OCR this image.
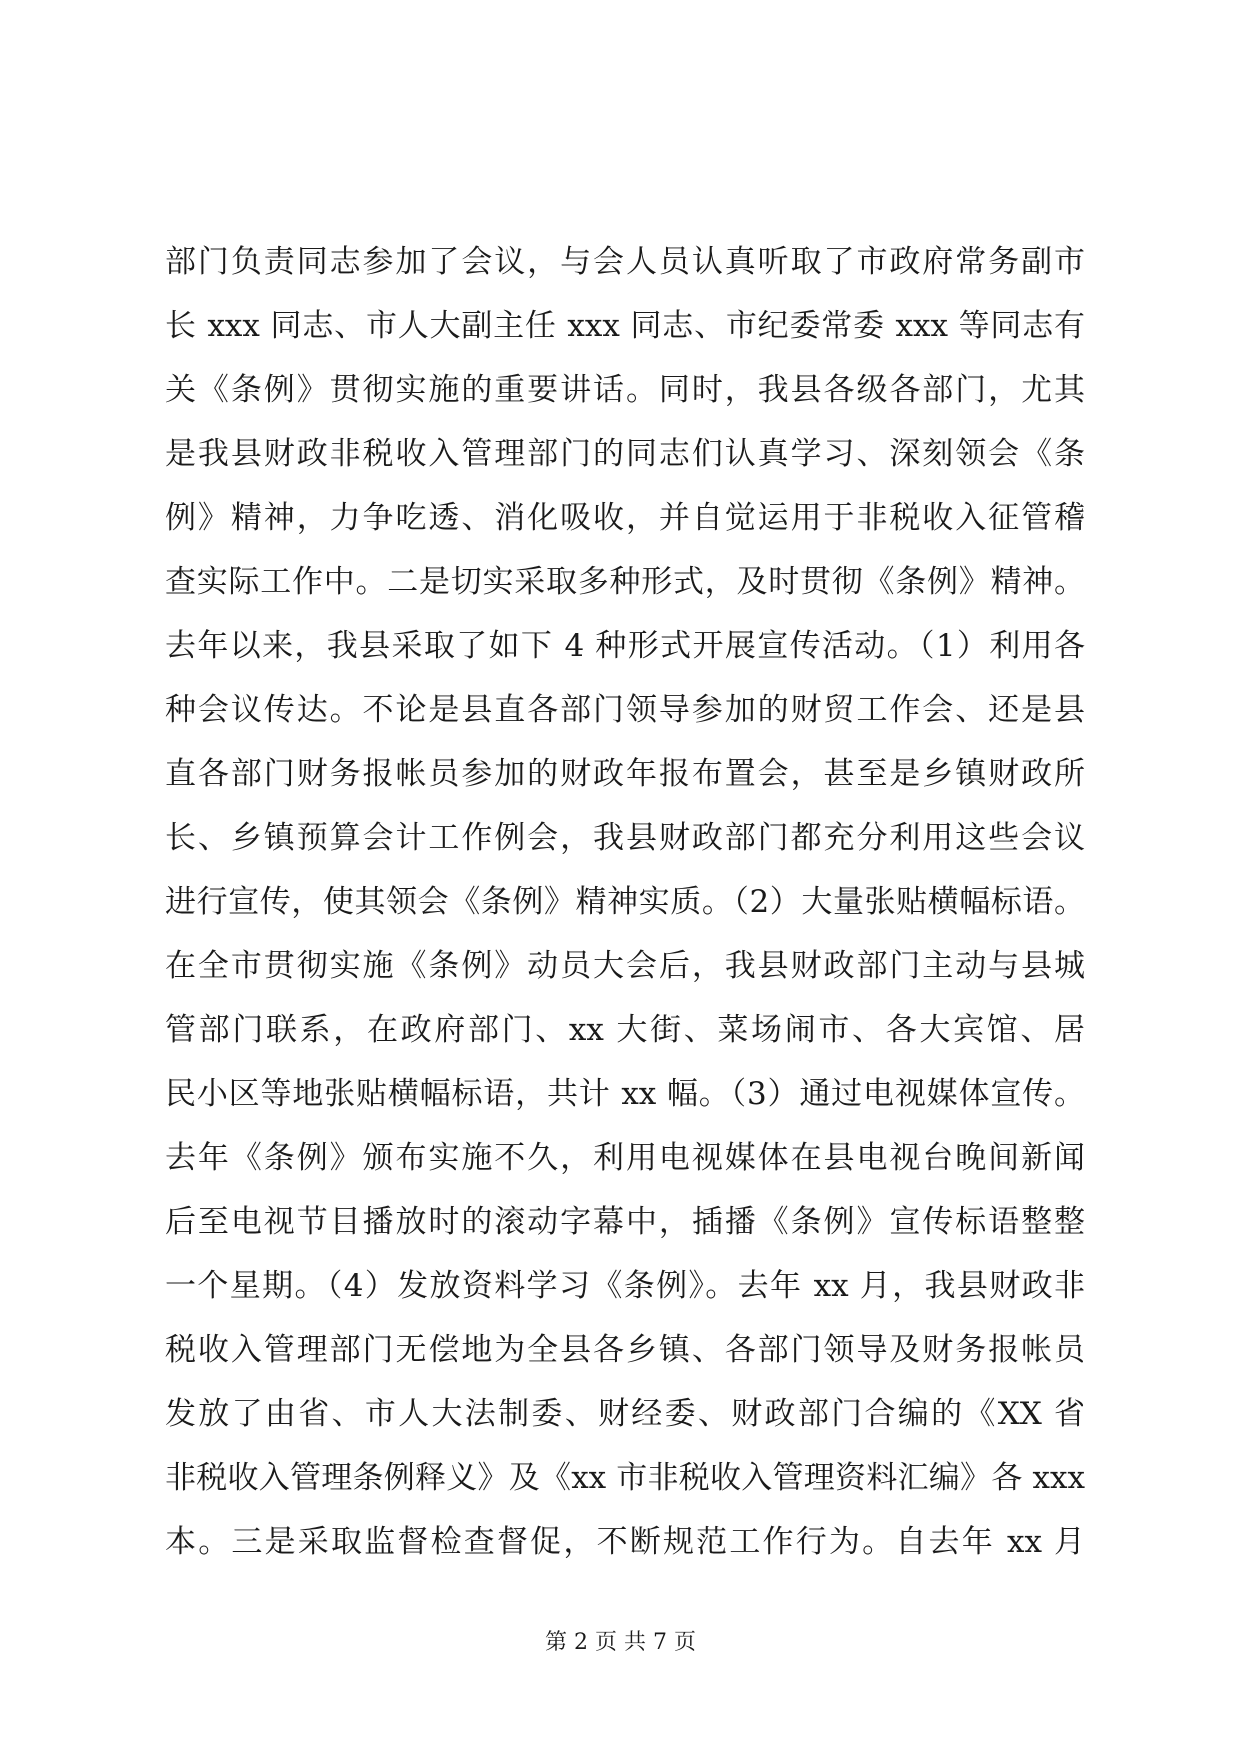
部门负责同志参加了会议，与会人员认真听取了市政府常务副市
长 xxx 同志、市人大副主任 xxx 同志、市纪委常委 xxx 等同志有
关《条例》贯彻实施的重要讲话。同时，我县各级各部门，尤其
是我县财政非税收入管理部门的同志们认真学习、深刻领会《条
例》精神，力争吃透、消化吸收，并自觉运用于非税收入征管稽
查实际工作中。二是切实采取多种形式，及时贯彻《条例》精神。
去年以来，我县采取了如下 4 种形式开展宣传活动。（1）利用各
种会议传达。不论是县直各部门领导参加的财贸工作会、还是县
直各部门财务报帐员参加的财政年报布置会，甚至是乡镇财政所
长、乡镇预算会计工作例会，我县财政部门都充分利用这些会议
进行宣传，使其领会《条例》精神实质。（2）大量张贴横幅标语。
在全市贯彻实施《条例》动员大会后，我县财政部门主动与县城
管部门联系，在政府部门、xx 大街、菜场闹市、各大宾馆、居
民小区等地张贴横幅标语，共计 xx 幅。（3）通过电视媒体宣传。
去年《条例》颁布实施不久，利用电视媒体在县电视台晚间新闻
后至电视节目播放时的滚动字幕中，插播《条例》宣传标语整整
一个星期。（4）发放资料学习《条例》。去年 xx 月，我县财政非
税收入管理部门无偿地为全县各乡镇、各部门领导及财务报帐员
发放了由省、市人大法制委、财经委、财政部门合编的《XX 省
非税收入管理条例释义》及《xx 市非税收入管理资料汇编》各 xxx
本。三是采取监督检查督促，不断规范工作行为。自去年 xx 月
第 2 页 共 7 页
